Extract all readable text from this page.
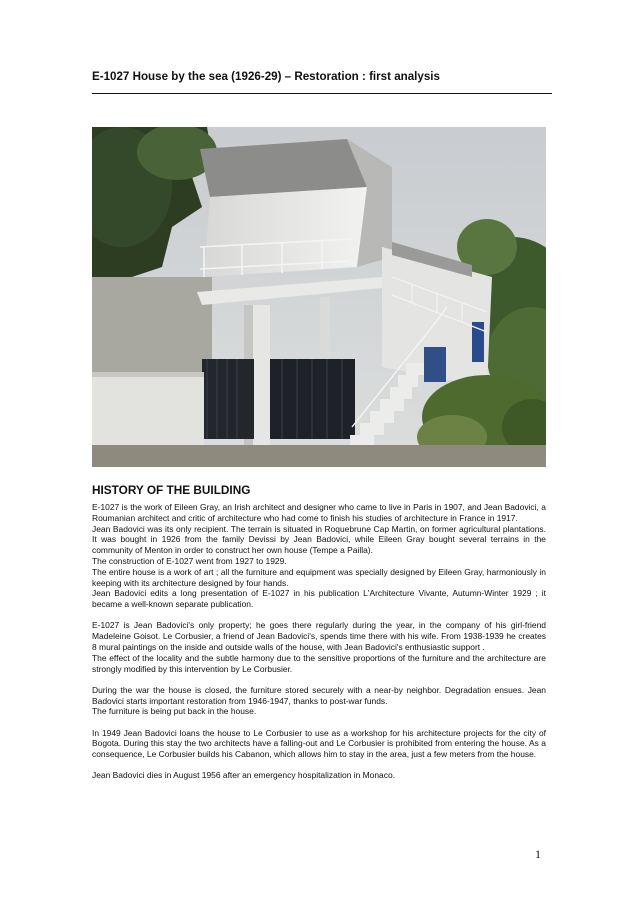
E-1027 House by the sea (1926-29) – Restoration : first analysis
HISTORY OF THE BUILDING

E-1027 is the work of Eileen Gray, an Irish architect and designer who came to live in Paris in 1907, and Jean Badovici, a Roumanian architect and critic of architecture who had come to finish his studies of architecture in France in 1917.

Jean Badovici was its only recipient. The terrain is situated in Roquebrune Cap Martin, on former agricultural plantations. It was bought in 1926 from the family Devissi by Jean Badovici, while Eileen Gray bought several terrains in the community of Menton in order to construct her own house (Tempe a Pailla).

The construction of E-1027 went from 1927 to 1929.

The entire house is a work of art ; all the furniture and equipment was specially designed by Eileen Gray, harmoniously in keeping with its architecture designed by four hands.

Jean Badovici edits a long presentation of E-1027 in his publication L'Architecture Vivante, Autumn-Winter 1929 ; it became a well-known separate publication.

E-1027 is Jean Badovici's only property; he goes there regularly during the year, in the company of his girl-friend Madeleine Goisot. Le Corbusier, a friend of Jean Badovici's, spends time there with his wife. From 1938-1939 he creates 8 mural paintings on the inside and outside walls of the house, with Jean Badovici's enthusiastic support .

The effect of the locality and the subtle harmony due to the sensitive proportions of the furniture and the architecture are strongly modified by this intervention by Le Corbusier.

During the war the house is closed, the furniture stored securely with a near-by neighbor. Degradation ensues. Jean Badovici starts important restoration from 1946-1947, thanks to post-war funds.

The furniture is being put back in the house.

In 1949 Jean Badovici loans the house to Le Corbusier to use as a workshop for his architecture projects for the city of Bogota. During this stay the two architects have a falling-out and Le Corbusier is prohibited from entering the house. As a consequence, Le Corbusier builds his Cabanon, which allows him to stay in the area, just a few meters from the house.

Jean Badovici dies in August 1956 after an emergency hospitalization in Monaco.

1
